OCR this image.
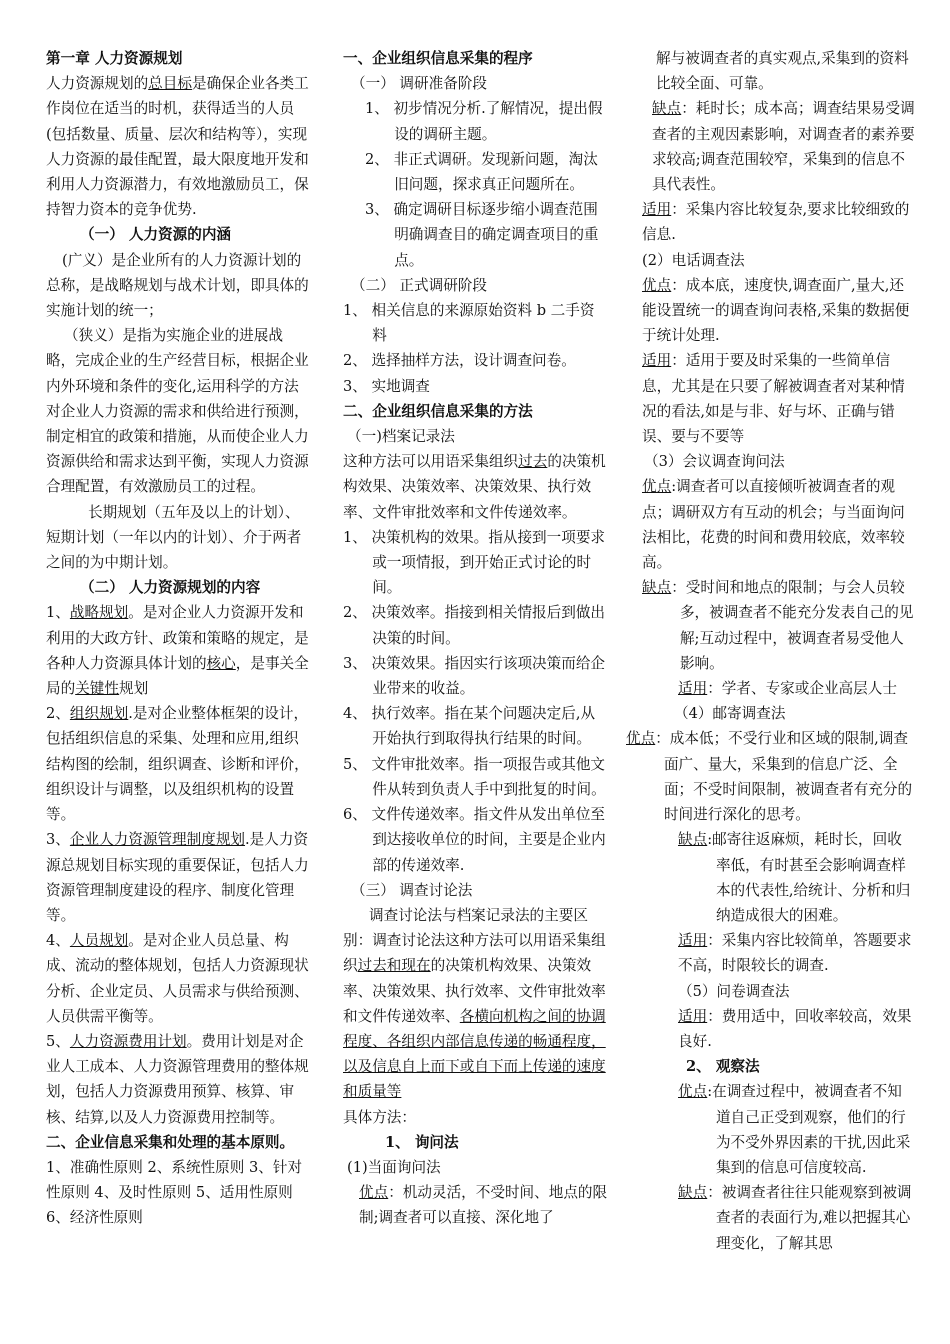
第一章 人力资源规划

人力资源规划的总目标是确保企业各类工作岗位在适当的时机，获得适当的人员(包括数量、质量、层次和结构等），实现人力资源的最佳配置，最大限度地开发和利用人力资源潜力，有效地激励员工，保持智力资本的竞争优势.

（一） 人力资源的内涵

(广义）是企业所有的人力资源计划的总称，是战略规划与战术计划，即具体的实施计划的统一；

（狭义）是指为实施企业的进展战略，完成企业的生产经营目标，根据企业内外环境和条件的变化,运用科学的方法对企业人力资源的需求和供给进行预测，制定相宜的政策和措施，从而使企业人力资源供给和需求达到平衡，实现人力资源合理配置，有效激励员工的过程。

长期规划（五年及以上的计划）、短期计划（一年以内的计划）、介于两者之间的为中期计划。

（二） 人力资源规划的内容

1、战略规划。是对企业人力资源开发和利用的大政方针、政策和策略的规定，是各种人力资源具体计划的核心，是事关全局的关键性规划

2、组织规划.是对企业整体框架的设计，包括组织信息的采集、处理和应用,组织结构图的绘制，组织调查、诊断和评价，组织设计与调整，以及组织机构的设置等。

3、企业人力资源管理制度规划.是人力资源总规划目标实现的重要保证，包括人力资源管理制度建设的程序、制度化管理等。

4、人员规划。是对企业人员总量、构成、流动的整体规划，包括人力资源现状分析、企业定员、人员需求与供给预测、人员供需平衡等。

5、人力资源费用计划。费用计划是对企业人工成本、人力资源管理费用的整体规划，包括人力资源费用预算、核算、审核、结算,以及人力资源费用控制等。

二、企业信息采集和处理的基本原则。

1、准确性原则 2、系统性原则 3、针对性原则 4、及时性原则 5、适用性原则 6、经济性原则

一、企业组织信息采集的程序

（一） 调研准备阶段

1、 初步情况分析.了解情况，提出假设的调研主题。

2、 非正式调研。发现新问题，淘汰旧问题，探求真正问题所在。

3、 确定调研目标逐步缩小调查范围明确调查目的确定调查项目的重点。

（二） 正式调研阶段

1、 相关信息的来源原始资料 b 二手资料

2、 选择抽样方法，设计调查问卷。

3、 实地调查

二、企业组织信息采集的方法

（一)档案记录法

这种方法可以用语采集组织过去的决策机构效果、决策效率、决策效果、执行效率、文件审批效率和文件传递效率。

1、 决策机构的效果。指从接到一项要求或一项情报，到开始正式讨论的时间。

2、 决策效率。指接到相关情报后到做出决策的时间。

3、 决策效果。指因实行该项决策而给企业带来的收益。

4、 执行效率。指在某个问题决定后,从开始执行到取得执行结果的时间。

5、 文件审批效率。指一项报告或其他文件从转到负责人手中到批复的时间。

6、 文件传递效率。指文件从发出单位至到达接收单位的时间，主要是企业内部的传递效率.

（三） 调查讨论法

调查讨论法与档案记录法的主要区别：调查讨论法这种方法可以用语采集组织过去和现在的决策机构效果、决策效率、决策效果、执行效率、文件审批效率和文件传递效率、各横向机构之间的协调程度、各组织内部信息传递的畅通程度，以及信息自上而下或自下而上传递的速度和质量等

具体方法：

1、 询问法

(1)当面询问法

优点：机动灵活，不受时间、地点的限制;调查者可以直接、深化地了

解与被调查者的真实观点,采集到的资料比较全面、可靠。

缺点：耗时长；成本高；调查结果易受调查者的主观因素影响，对调查者的素养要求较高;调查范围较窄，采集到的信息不具代表性。

适用：采集内容比较复杂,要求比较细致的信息.

(2）电话调查法

优点：成本底，速度快,调查面广,量大,还能设置统一的调查询问表格,采集的数据便于统计处理.

适用：适用于要及时采集的一些简单信息，尤其是在只要了解被调查者对某种情况的看法,如是与非、好与坏、正确与错误、要与不要等

（3）会议调查询问法

优点:调查者可以直接倾听被调查者的观点；调研双方有互动的机会；与当面询问法相比，花费的时间和费用较底，效率较高。

缺点：受时间和地点的限制；与会人员较多，被调查者不能充分发表自己的见解;互动过程中，被调查者易受他人影响。

适用：学者、专家或企业高层人士

（4）邮寄调查法

优点：成本低；不受行业和区域的限制,调查面广、量大，采集到的信息广泛、全面；不受时间限制，被调查者有充分的时间进行深化的思考。

缺点:邮寄往返麻烦，耗时长，回收率低，有时甚至会影响调查样本的代表性,给统计、分析和归纳造成很大的困难。

适用：采集内容比较简单，答题要求不高，时限较长的调查.

（5）问卷调查法

适用：费用适中，回收率较高，效果良好.

2、 观察法

优点:在调查过程中，被调查者不知道自己正受到观察，他们的行为不受外界因素的干扰,因此采集到的信息可信度较高.

缺点：被调查者往往只能观察到被调查者的表面行为,难以把握其心理变化，了解其思
